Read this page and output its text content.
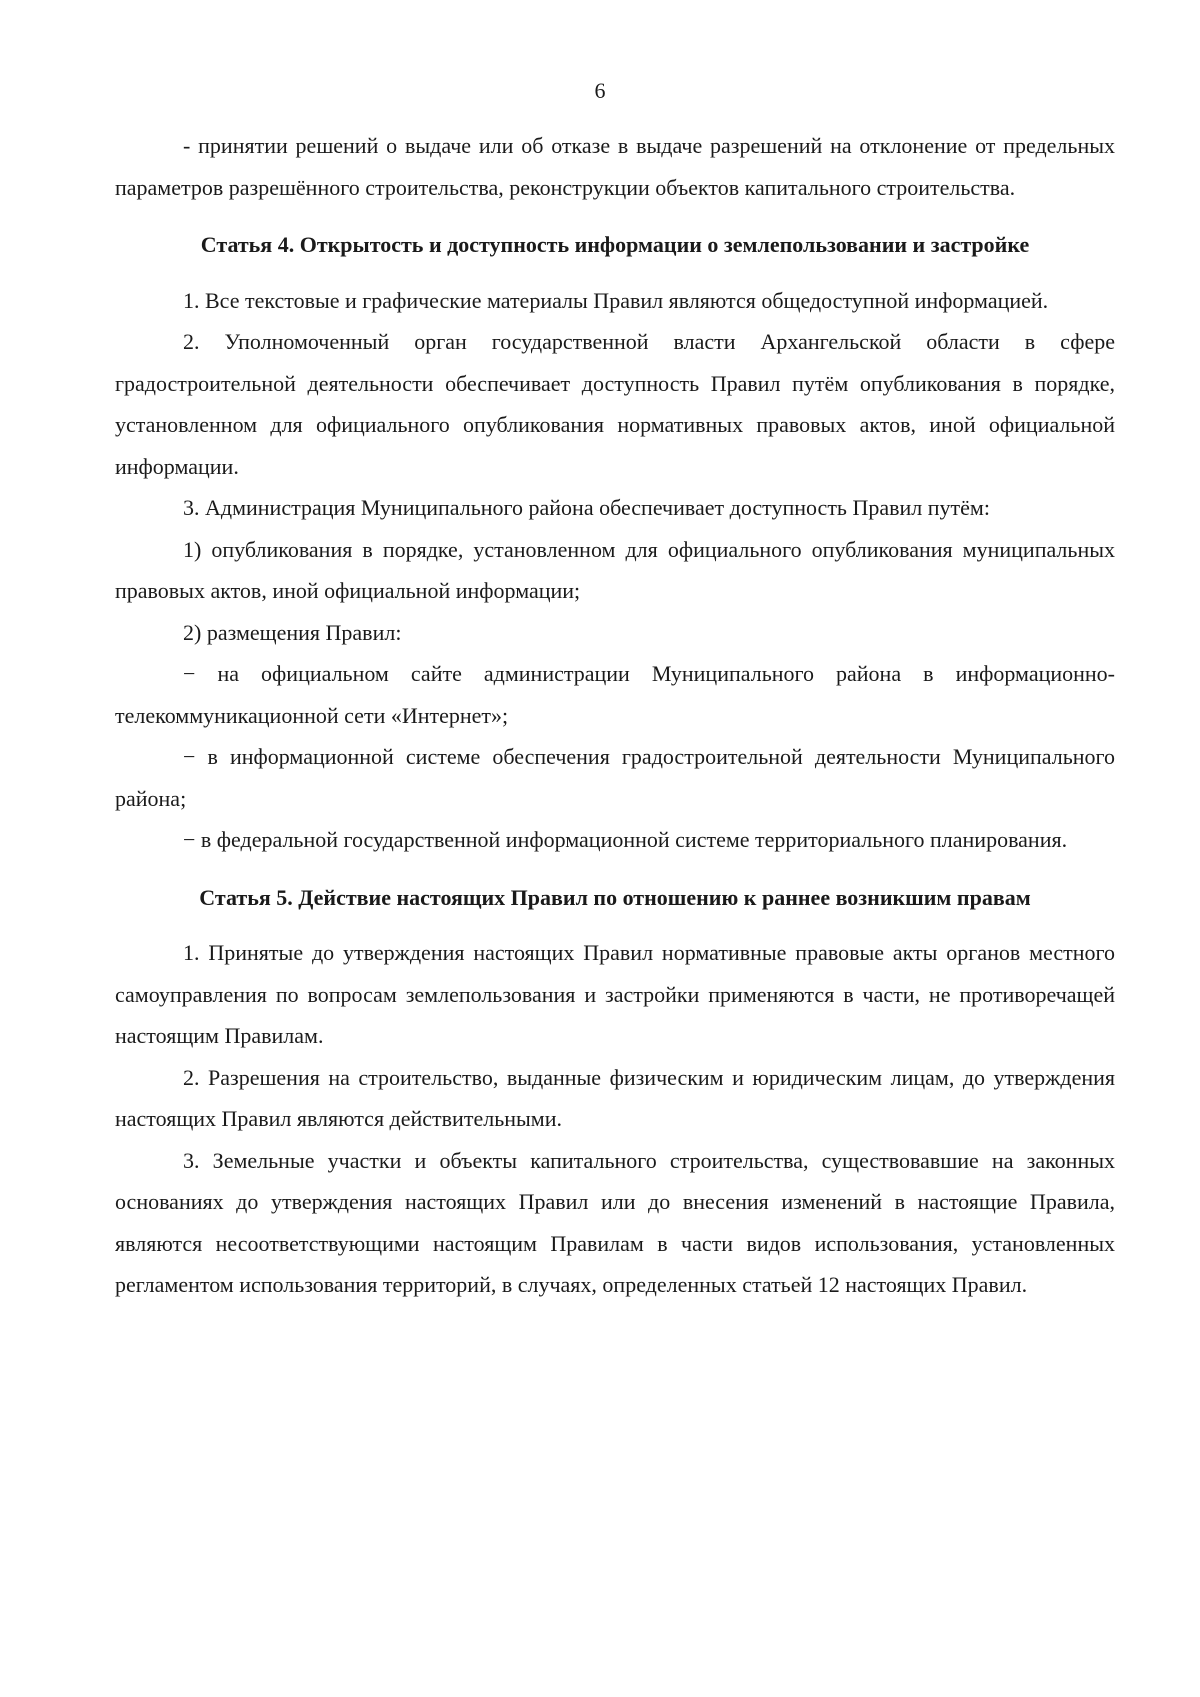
6

- принятии решений о выдаче или об отказе в выдаче разрешений на отклонение от предельных параметров разрешённого строительства, реконструкции объектов капитального строительства.

Статья 4. Открытость и доступность информации о землепользовании и застройке

1. Все текстовые и графические материалы Правил являются общедоступной информацией.

2. Уполномоченный орган государственной власти Архангельской области в сфере градостроительной деятельности обеспечивает доступность Правил путём опубликования в порядке, установленном для официального опубликования нормативных правовых актов, иной официальной информации.

3. Администрация Муниципального района обеспечивает доступность Правил путём:

1) опубликования в порядке, установленном для официального опубликования муниципальных правовых актов, иной официальной информации;

2) размещения Правил:

− на официальном сайте администрации Муниципального района в информационно-телекоммуникационной сети «Интернет»;

− в информационной системе обеспечения градостроительной деятельности Муниципального района;

− в федеральной государственной информационной системе территориального планирования.

Статья 5. Действие настоящих Правил по отношению к раннее возникшим правам

1. Принятые до утверждения настоящих Правил нормативные правовые акты органов местного самоуправления по вопросам землепользования и застройки применяются в части, не противоречащей настоящим Правилам.

2. Разрешения на строительство, выданные физическим и юридическим лицам, до утверждения настоящих Правил являются действительными.

3. Земельные участки и объекты капитального строительства, существовавшие на законных основаниях до утверждения настоящих Правил или до внесения изменений в настоящие Правила, являются несоответствующими настоящим Правилам в части видов использования, установленных регламентом использования территорий, в случаях, определенных статьей 12 настоящих Правил.
